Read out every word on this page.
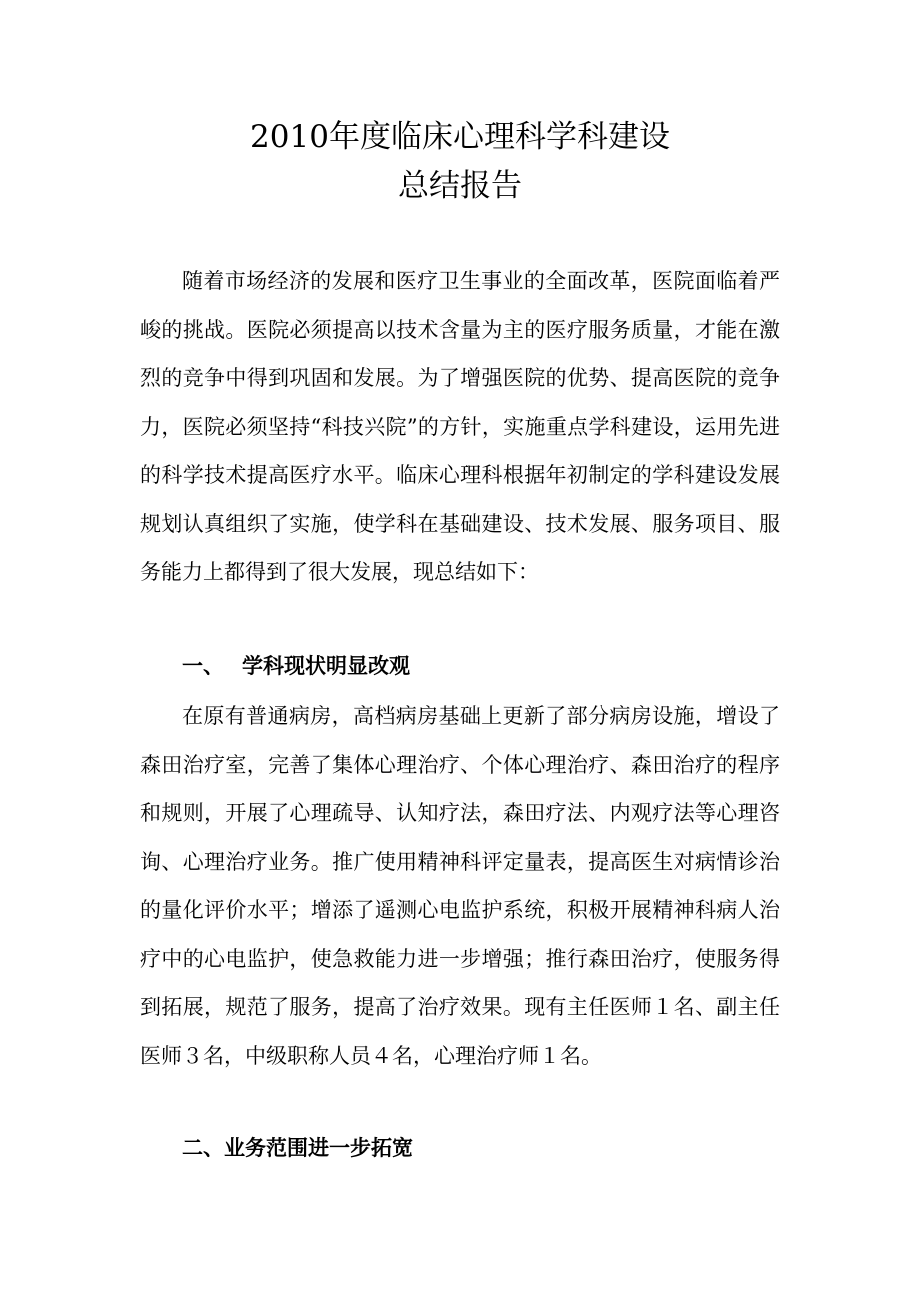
2010年度临床心理科学科建设
总结报告

随着市场经济的发展和医疗卫生事业的全面改革，医院面临着严峻的挑战。医院必须提高以技术含量为主的医疗服务质量，才能在激烈的竞争中得到巩固和发展。为了增强医院的优势、提高医院的竞争力，医院必须坚持“科技兴院”的方针，实施重点学科建设，运用先进的科学技术提高医疗水平。临床心理科根据年初制定的学科建设发展规划认真组织了实施，使学科在基础建设、技术发展、服务项目、服务能力上都得到了很大发展，现总结如下：

一、 学科现状明显改观

在原有普通病房，高档病房基础上更新了部分病房设施，增设了森田治疗室，完善了集体心理治疗、个体心理治疗、森田治疗的程序和规则，开展了心理疏导、认知疗法，森田疗法、内观疗法等心理咨询、心理治疗业务。推广使用精神科评定量表，提高医生对病情诊治的量化评价水平；增添了遥测心电监护系统，积极开展精神科病人治疗中的心电监护，使急救能力进一步增强；推行森田治疗，使服务得到拓展，规范了服务，提高了治疗效果。现有主任医师１名、副主任医师３名，中级职称人员４名，心理治疗师１名。

二、业务范围进一步拓宽
